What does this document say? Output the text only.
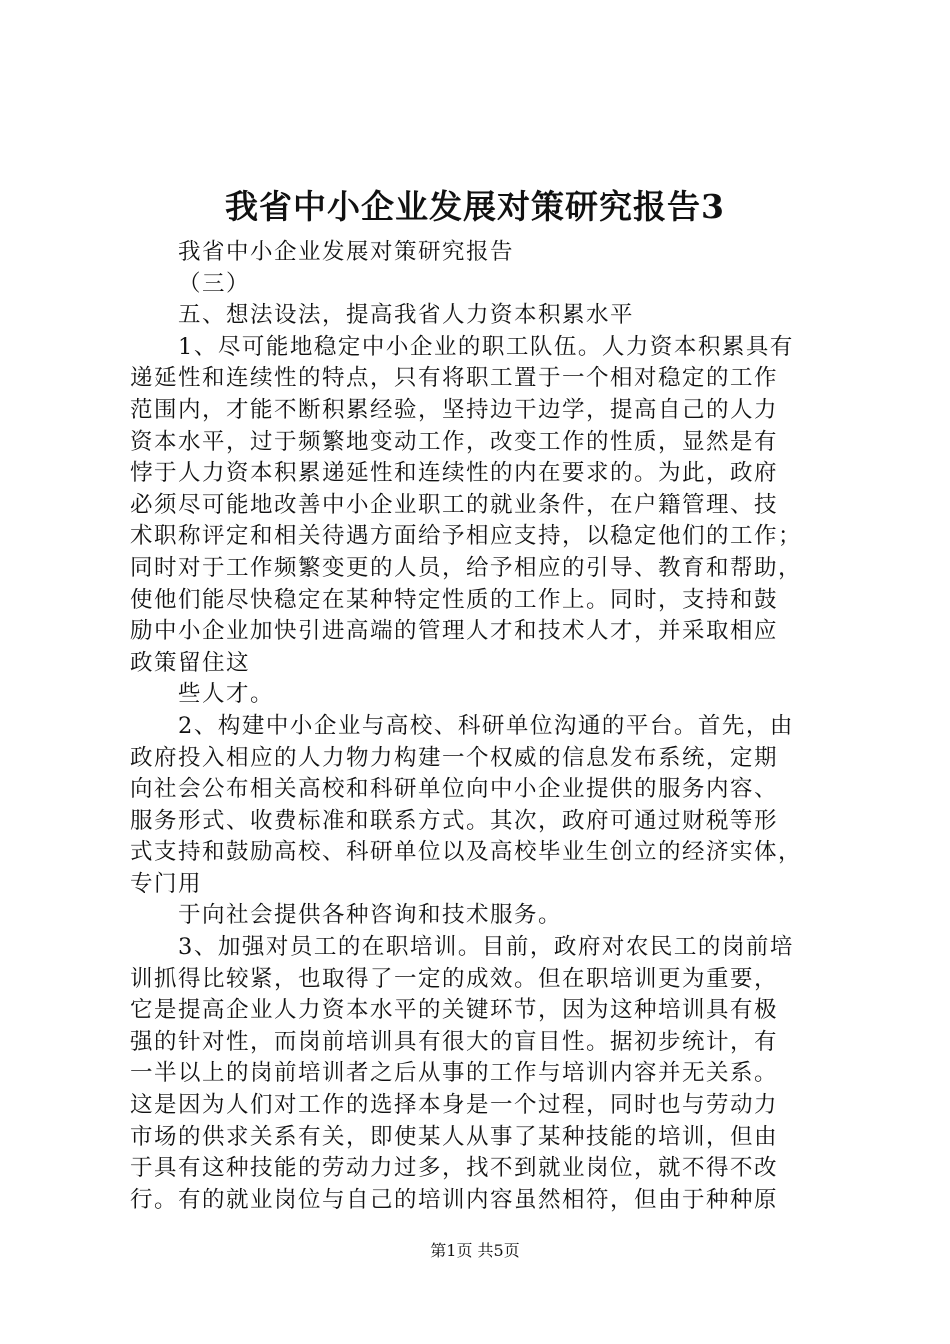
我省中小企业发展对策研究报告3
我省中小企业发展对策研究报告
（三）
五、想法设法，提高我省人力资本积累水平
1、尽可能地稳定中小企业的职工队伍。人力资本积累具有
递延性和连续性的特点，只有将职工置于一个相对稳定的工作
范围内，才能不断积累经验，坚持边干边学，提高自己的人力
资本水平，过于频繁地变动工作，改变工作的性质，显然是有
悖于人力资本积累递延性和连续性的内在要求的。为此，政府
必须尽可能地改善中小企业职工的就业条件，在户籍管理、技
术职称评定和相关待遇方面给予相应支持，以稳定他们的工作；
同时对于工作频繁变更的人员，给予相应的引导、教育和帮助，
使他们能尽快稳定在某种特定性质的工作上。同时，支持和鼓
励中小企业加快引进高端的管理人才和技术人才，并采取相应
政策留住这
些人才。
2、构建中小企业与高校、科研单位沟通的平台。首先，由
政府投入相应的人力物力构建一个权威的信息发布系统，定期
向社会公布相关高校和科研单位向中小企业提供的服务内容、
服务形式、收费标准和联系方式。其次，政府可通过财税等形
式支持和鼓励高校、科研单位以及高校毕业生创立的经济实体，
专门用
于向社会提供各种咨询和技术服务。
3、加强对员工的在职培训。目前，政府对农民工的岗前培
训抓得比较紧，也取得了一定的成效。但在职培训更为重要，
它是提高企业人力资本水平的关键环节，因为这种培训具有极
强的针对性，而岗前培训具有很大的盲目性。据初步统计，有
一半以上的岗前培训者之后从事的工作与培训内容并无关系。
这是因为人们对工作的选择本身是一个过程，同时也与劳动力
市场的供求关系有关，即使某人从事了某种技能的培训，但由
于具有这种技能的劳动力过多，找不到就业岗位，就不得不改
行。有的就业岗位与自己的培训内容虽然相符，但由于种种原
第1页 共5页
